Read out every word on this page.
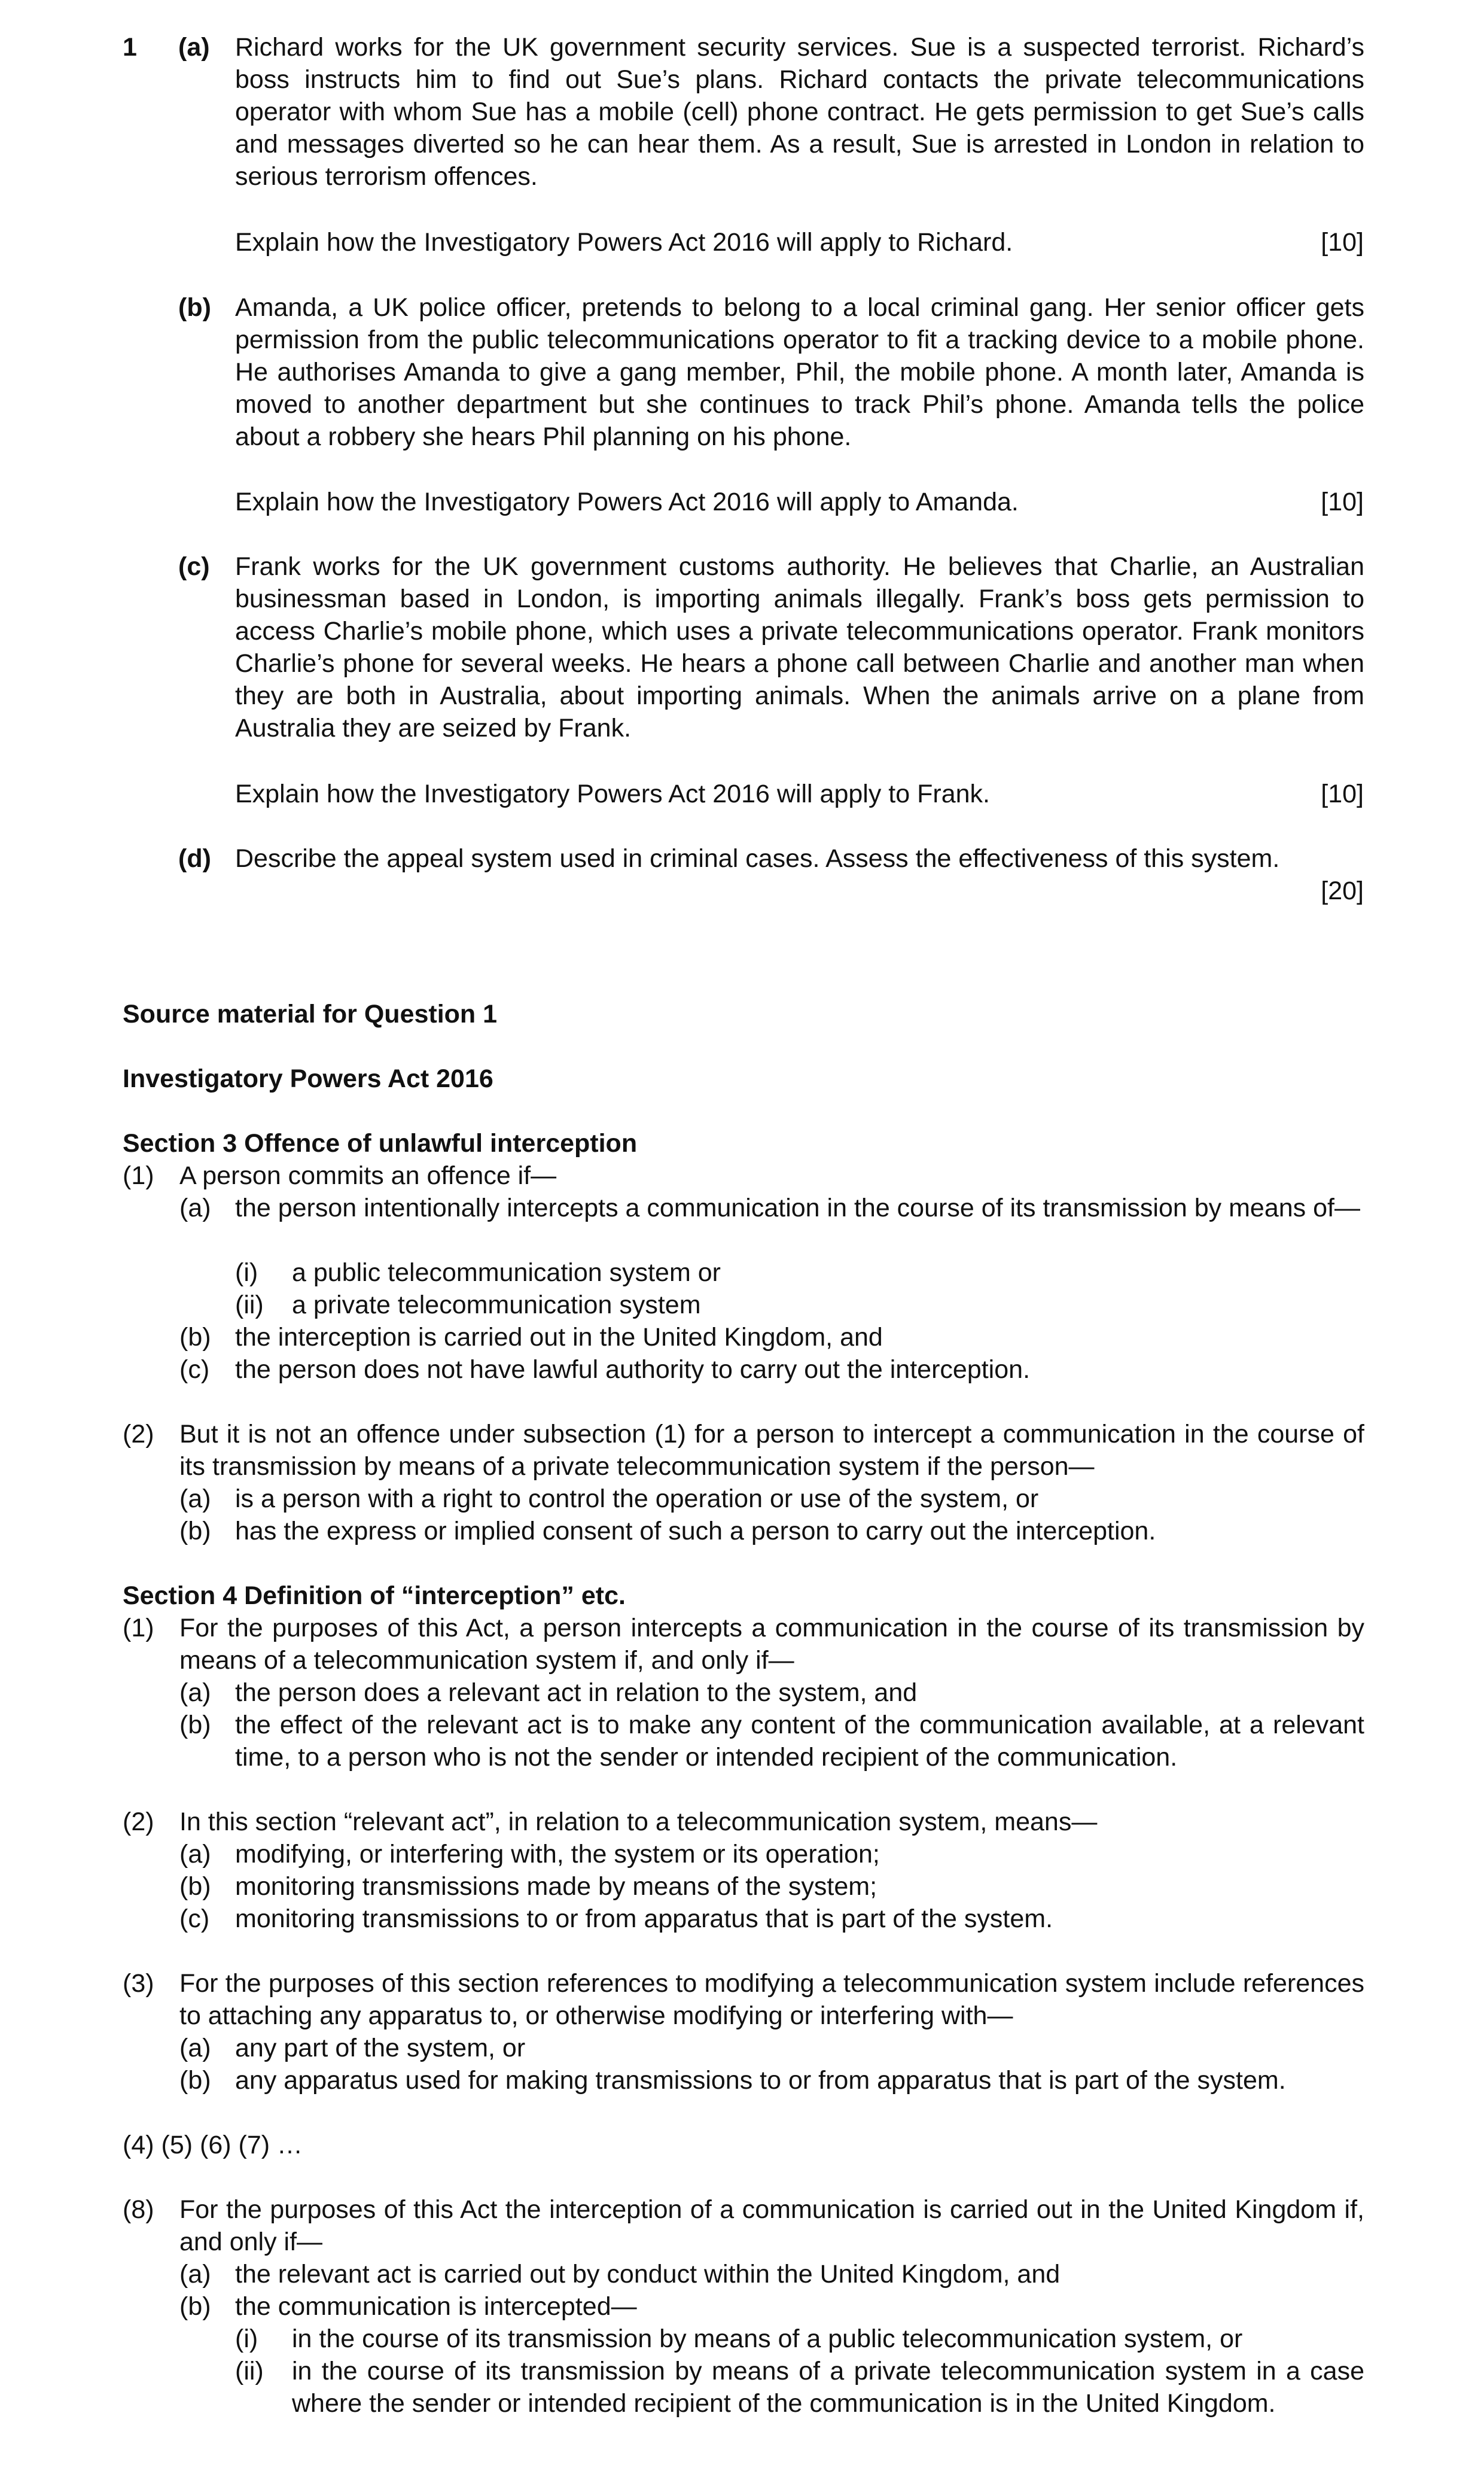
1 (a) Richard works for the UK government security services. Sue is a suspected terrorist. Richard’s boss instructs him to find out Sue’s plans. Richard contacts the private telecommunications operator with whom Sue has a mobile (cell) phone contract. He gets permission to get Sue’s calls and messages diverted so he can hear them. As a result, Sue is arrested in London in relation to serious terrorism offences.
Explain how the Investigatory Powers Act 2016 will apply to Richard.	[10]
(b) Amanda, a UK police officer, pretends to belong to a local criminal gang. Her senior officer gets permission from the public telecommunications operator to fit a tracking device to a mobile phone. He authorises Amanda to give a gang member, Phil, the mobile phone. A month later, Amanda is moved to another department but she continues to track Phil’s phone. Amanda tells the police about a robbery she hears Phil planning on his phone.
Explain how the Investigatory Powers Act 2016 will apply to Amanda.	[10]
(c) Frank works for the UK government customs authority. He believes that Charlie, an Australian businessman based in London, is importing animals illegally. Frank’s boss gets permission to access Charlie’s mobile phone, which uses a private telecommunications operator. Frank monitors Charlie’s phone for several weeks. He hears a phone call between Charlie and another man when they are both in Australia, about importing animals. When the animals arrive on a plane from Australia they are seized by Frank.
Explain how the Investigatory Powers Act 2016 will apply to Frank.	[10]
(d) Describe the appeal system used in criminal cases. Assess the effectiveness of this system.
[20]
Source material for Question 1
Investigatory Powers Act 2016
Section 3 Offence of unlawful interception
(1) A person commits an offence if—
(a) the person intentionally intercepts a communication in the course of its transmission by means of—
(i) a public telecommunication system or
(ii) a private telecommunication system
(b) the interception is carried out in the United Kingdom, and
(c) the person does not have lawful authority to carry out the interception.
(2) But it is not an offence under subsection (1) for a person to intercept a communication in the course of its transmission by means of a private telecommunication system if the person—
(a) is a person with a right to control the operation or use of the system, or
(b) has the express or implied consent of such a person to carry out the interception.
Section 4 Definition of “interception” etc.
(1) For the purposes of this Act, a person intercepts a communication in the course of its transmission by means of a telecommunication system if, and only if—
(a) the person does a relevant act in relation to the system, and
(b) the effect of the relevant act is to make any content of the communication available, at a relevant time, to a person who is not the sender or intended recipient of the communication.
(2) In this section “relevant act”, in relation to a telecommunication system, means—
(a) modifying, or interfering with, the system or its operation;
(b) monitoring transmissions made by means of the system;
(c) monitoring transmissions to or from apparatus that is part of the system.
(3) For the purposes of this section references to modifying a telecommunication system include references to attaching any apparatus to, or otherwise modifying or interfering with—
(a) any part of the system, or
(b) any apparatus used for making transmissions to or from apparatus that is part of the system.
(4) (5) (6) (7) …
(8) For the purposes of this Act the interception of a communication is carried out in the United Kingdom if, and only if—
(a) the relevant act is carried out by conduct within the United Kingdom, and
(b) the communication is intercepted—
(i) in the course of its transmission by means of a public telecommunication system, or
(ii) in the course of its transmission by means of a private telecommunication system in a case where the sender or intended recipient of the communication is in the United Kingdom.
